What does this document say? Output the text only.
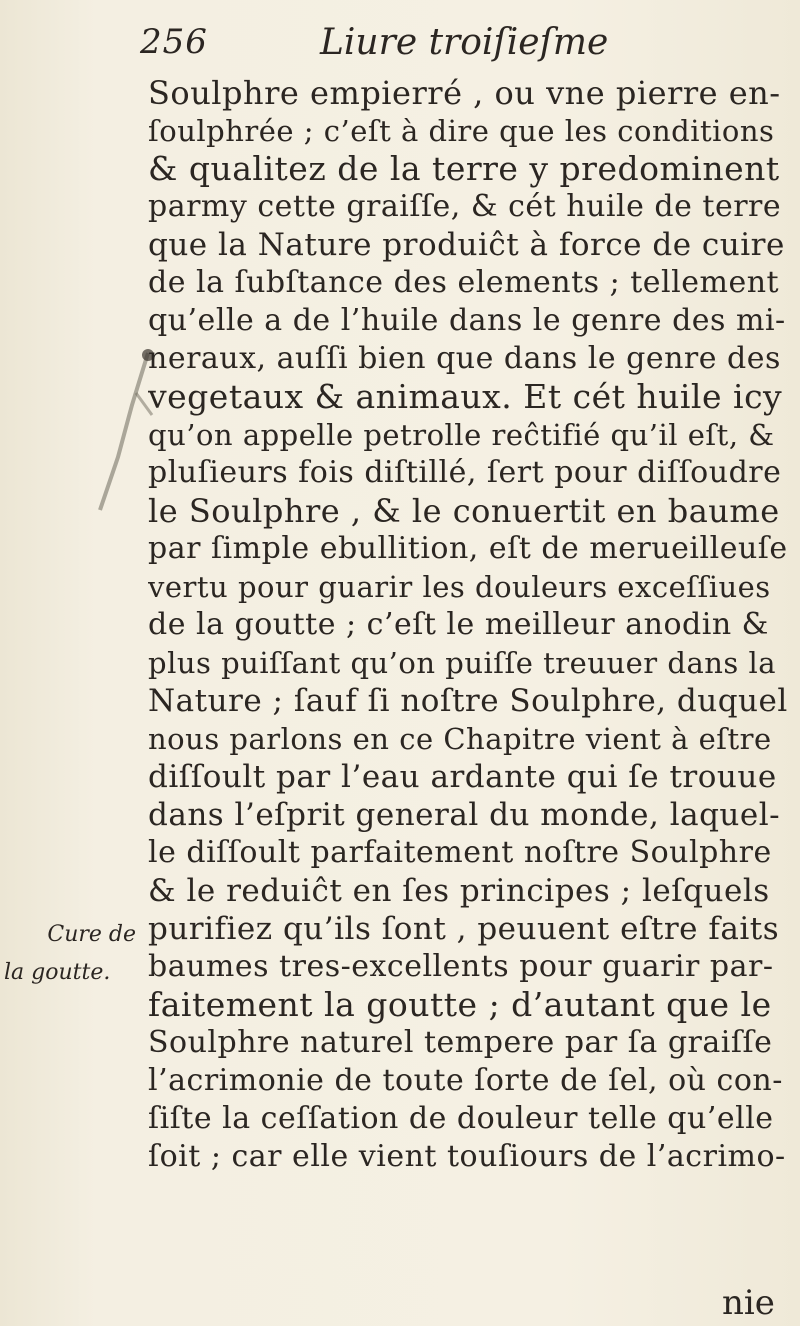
256	Liure troiſieſme
Soulphre empierré , ou vne pierre en-
ſoulphrée ; c’eſt à dire que les conditions
& qualitez de la terre y predominent
parmy cette graiſſe, & cét huile de terre
que la Nature produiĉt à force de cuire
de la ſubſtance des elements ; tellement
qu’elle a de l’huile dans le genre des mi-
neraux, auſſi bien que dans le genre des
vegetaux & animaux. Et cét huile icy
qu’on appelle petrolle reĉtifié qu’il eſt, &
pluſieurs fois diſtillé, ſert pour diſſoudre
le Soulphre , & le conuertit en baume
par ſimple ebullition, eſt de merueilleuſe
vertu pour guarir les douleurs exceſſiues
de la goutte ; c’eſt le meilleur anodin &
plus puiſſant qu’on puiſſe treuuer dans la
Nature ; ſauf ſi noſtre Soulphre, duquel
nous parlons en ce Chapitre vient à eſtre
diſſoult par l’eau ardante qui ſe trouue
dans l’eſprit general du monde, laquel-
le diſſoult parfaitement noſtre Soulphre
& le reduiĉt en ſes principes ; leſquels
purifiez qu’ils ſont , peuuent eſtre faits
baumes tres-excellents pour guarir par-
faitement la goutte ; d’autant que le
Soulphre naturel tempere par ſa graiſſe
l’acrimonie de toute ſorte de ſel, où con-
ſiſte la ceſſation de douleur telle qu’elle
ſoit ; car elle vient touſiours de l’acrimo-
Cure de
la goutte.
nie
